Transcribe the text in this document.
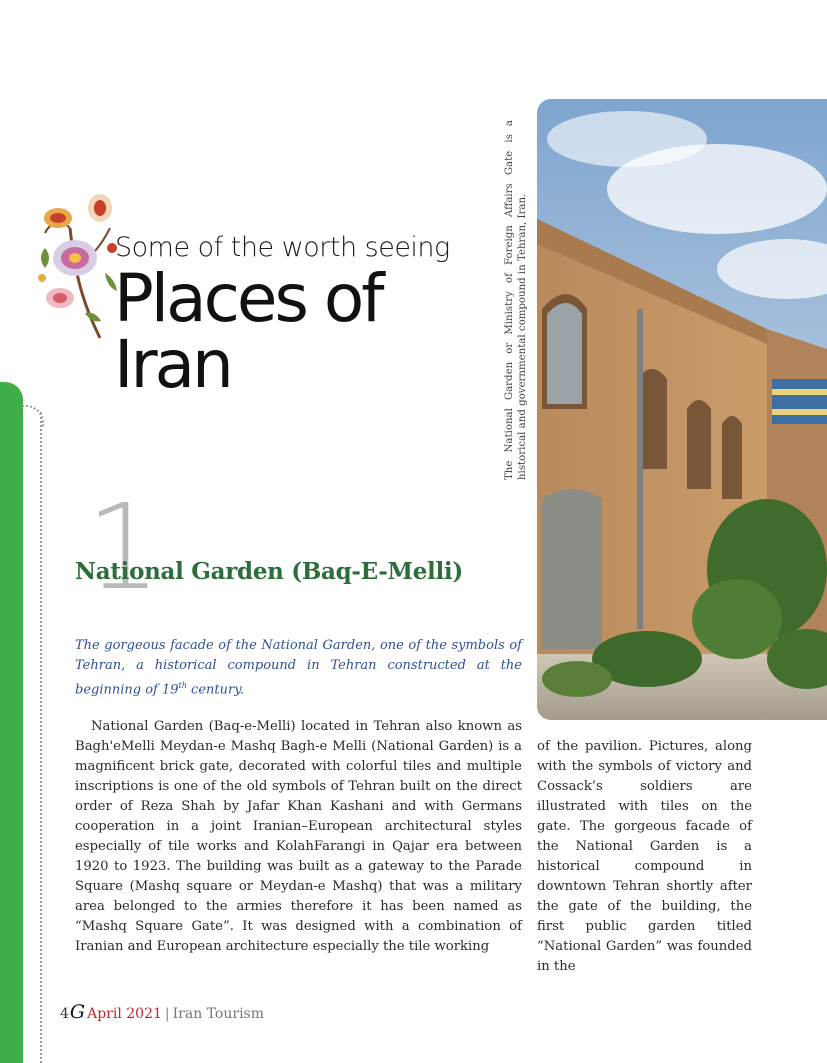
Some of the worth seeing
Places of Iran	The National Garden or Ministry of Foreign Affairs Gate is a historical and governmental compound in Tehran, Iran.
1
National Garden (Baq-E-Melli)
The gorgeous facade of the National Garden, one of the symbols of Tehran, a historical compound in Tehran constructed at the beginning of 19th century.
National Garden (Baq-e-Melli) located in Tehran also known as Bagh'eMelli Meydan-e Mashq Bagh-e Melli (National Garden) is a magnificent brick gate, decorated with colorful tiles and multiple inscriptions is one of the old symbols of Tehran built on the direct order of Reza Shah by Jafar Khan Kashani and with Germans cooperation in a joint Iranian–European architectural styles especially of tile works and KolahFarangi in Qajar era between 1920 to 1923. The building was built as a gateway to the Parade Square (Mashq square or Meydan-e Mashq) that was a military area belonged to the armies therefore it has been named as “Mashq Square Gate”. It was designed with a combination of Iranian and European architecture especially the tile working
of the pavilion. Pictures, along with the symbols of victory and Cossack’s soldiers are illustrated with tiles on the gate. The gorgeous facade of the National Garden is a historical compound in downtown Tehran shortly after the gate of the building, the first public garden titled “National Garden” was founded in the
4G April 2021 | Iran Tourism
